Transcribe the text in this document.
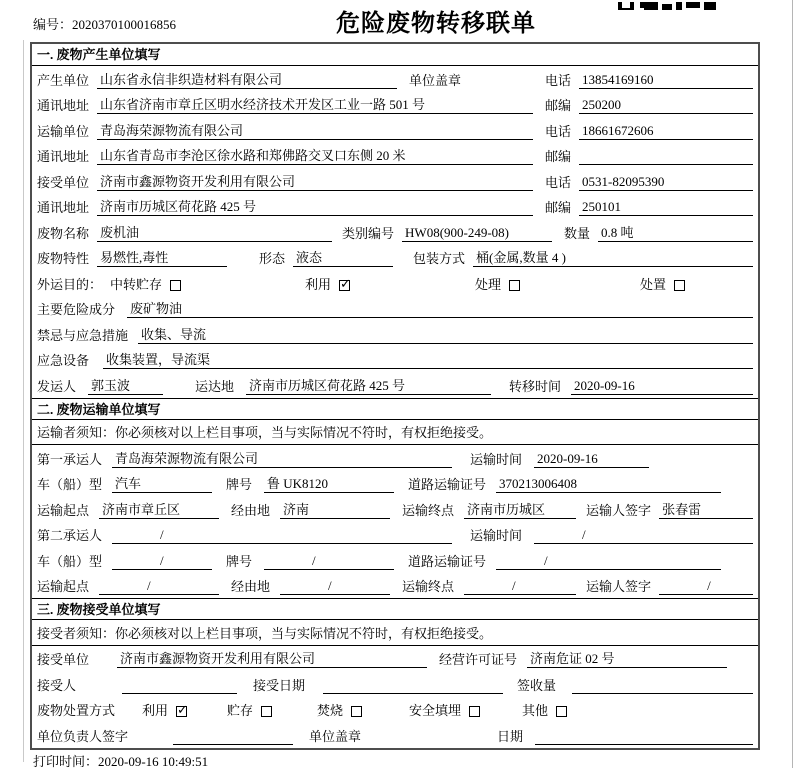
编号：2020370100016856	危险废物转移联单
一. 废物产生单位填写
产生单位 山东省永信非织造材料有限公司	单位盖章	电话 13854169160
通讯地址 山东省济南市章丘区明水经济技术开发区工业一路 501 号	邮编 250200
运输单位 青岛海荣源物流有限公司	电话 18661672606
通讯地址 山东省青岛市李沧区徐水路和郑佛路交叉口东侧 20 米	邮编
接受单位 济南市鑫源物资开发利用有限公司	电话 0531-82095390
通讯地址 济南市历城区荷花路 425 号	邮编 250101
废物名称 废机油	类别编号 HW08(900-249-08)	数量 0.8 吨
废物特性 易燃性,毒性	形态 液态	包装方式 桶(金属,数量 4 )
外运目的： 中转贮存	利用 ✓	处理	处置
主要危险成分 废矿物油
禁忌与应急措施 收集、导流
应急设备 收集装置，导流渠
发运人 郭玉波	运达地 济南市历城区荷花路 425 号	转移时间 2020-09-16
二. 废物运输单位填写
运输者须知： 你必须核对以上栏目事项，当与实际情况不符时，有权拒绝接受。
第一承运人 青岛海荣源物流有限公司	运输时间 2020-09-16
车（船）型 汽车	牌号 鲁 UK8120	道路运输证号 370213006408
运输起点 济南市章丘区	经由地 济南	运输终点 济南市历城区	运输人签字 张春雷
第二承运人	/	运输时间	/
车（船）型	/	牌号	/	道路运输证号	/
运输起点	/	经由地	/	运输终点	/	运输人签字	/
三. 废物接受单位填写
接受者须知： 你必须核对以上栏目事项，当与实际情况不符时，有权拒绝接受。
接受单位 济南市鑫源物资开发利用有限公司	经营许可证号 济南危证 02 号
接受人	接受日期	签收量
废物处置方式 利用 ✓	贮存	焚烧	安全填埋	其他
单位负责人签字	单位盖章	日期
打印时间：2020-09-16 10:49:51
